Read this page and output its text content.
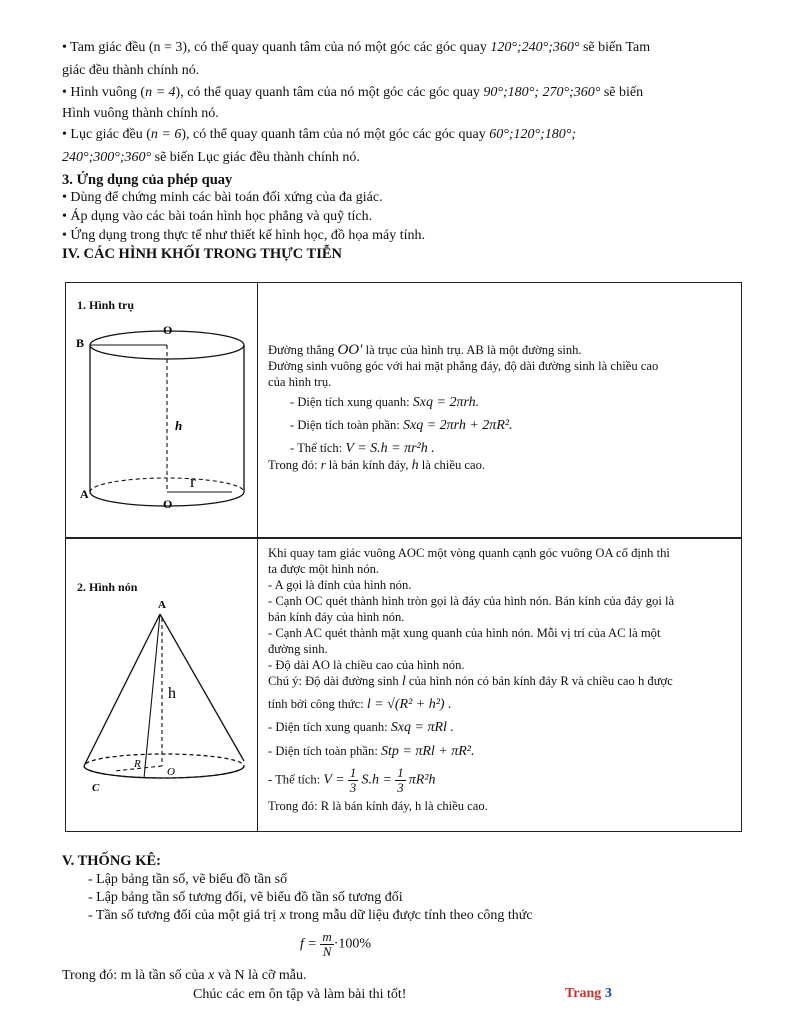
• Tam giác đều (n = 3), có thể quay quanh tâm của nó một góc các góc quay 120°;240°;360° sẽ biến Tam
giác đều thành chính nó.
• Hình vuông (n = 4), có thể quay quanh tâm của nó một góc các góc quay 90°;180°; 270°;360° sẽ biến
Hình vuông thành chính nó.
• Lục giác đều (n = 6), có thể quay quanh tâm của nó một góc các góc quay 60°;120°;180°;
240°;300°;360° sẽ biến Lục giác đều thành chính nó.
3. Ứng dụng của phép quay
• Dùng để chứng minh các bài toán đối xứng của đa giác.
• Áp dụng vào các bài toán hình học phẳng và quỹ tích.
• Ứng dụng trong thực tế như thiết kế hình học, đồ họa máy tính.
IV. CÁC HÌNH KHỐI TRONG THỰC TIỄN
1. Hình trụ
O
B
h
r
A
O

Đường thẳng OO′ là trục của hình trụ. AB là một đường sinh.

Đường sinh vuông góc với hai mặt phẳng đáy, độ dài đường sinh là chiều cao

của hình trụ.

- Diện tích xung quanh: Sxq = 2πrh.

- Diện tích toàn phần: Sxq = 2πrh + 2πR².

- Thể tích: V = S.h = πr²h .

Trong đó: r là bán kính đáy, h là chiều cao.

2. Hình nón
A
h
R
O
C

Khi quay tam giác vuông AOC một vòng quanh cạnh góc vuông OA cố định thì

ta được một hình nón.

- A gọi là đỉnh của hình nón.

- Cạnh OC quét thành hình tròn gọi là đáy của hình nón. Bán kính của đáy gọi là

bán kính đáy của hình nón.

- Cạnh AC quét thành mặt xung quanh của hình nón. Mỗi vị trí của AC là một

đường sinh.

- Độ dài AO là chiều cao của hình nón.

Chú ý: Độ dài đường sinh l của hình nón có bán kính đáy R và chiều cao h được

tính bởi công thức: l = √(R² + h²) .

- Diện tích xung quanh: Sxq = πRl .

- Diện tích toàn phần: Stp = πRl + πR².

- Thể tích: $V = \frac{1}{3} S.h = \frac{1}{3} \pi R^2h$

Trong đó: R là bán kính đáy, h là chiều cao.

V. THỐNG KÊ:
- Lập bảng tần số, vẽ biểu đồ tần số
- Lập bảng tần số tương đối, vẽ biểu đồ tần số tương đối
- Tần số tương đối của một giá trị x trong mẫu dữ liệu được tính theo công thức
$f = \frac{m}{N} \cdot 100\%$
Trong đó: m là tần số của x và N là cỡ mẫu.
Chúc các em ôn tập và làm bài thi tốt!	Trang 3
